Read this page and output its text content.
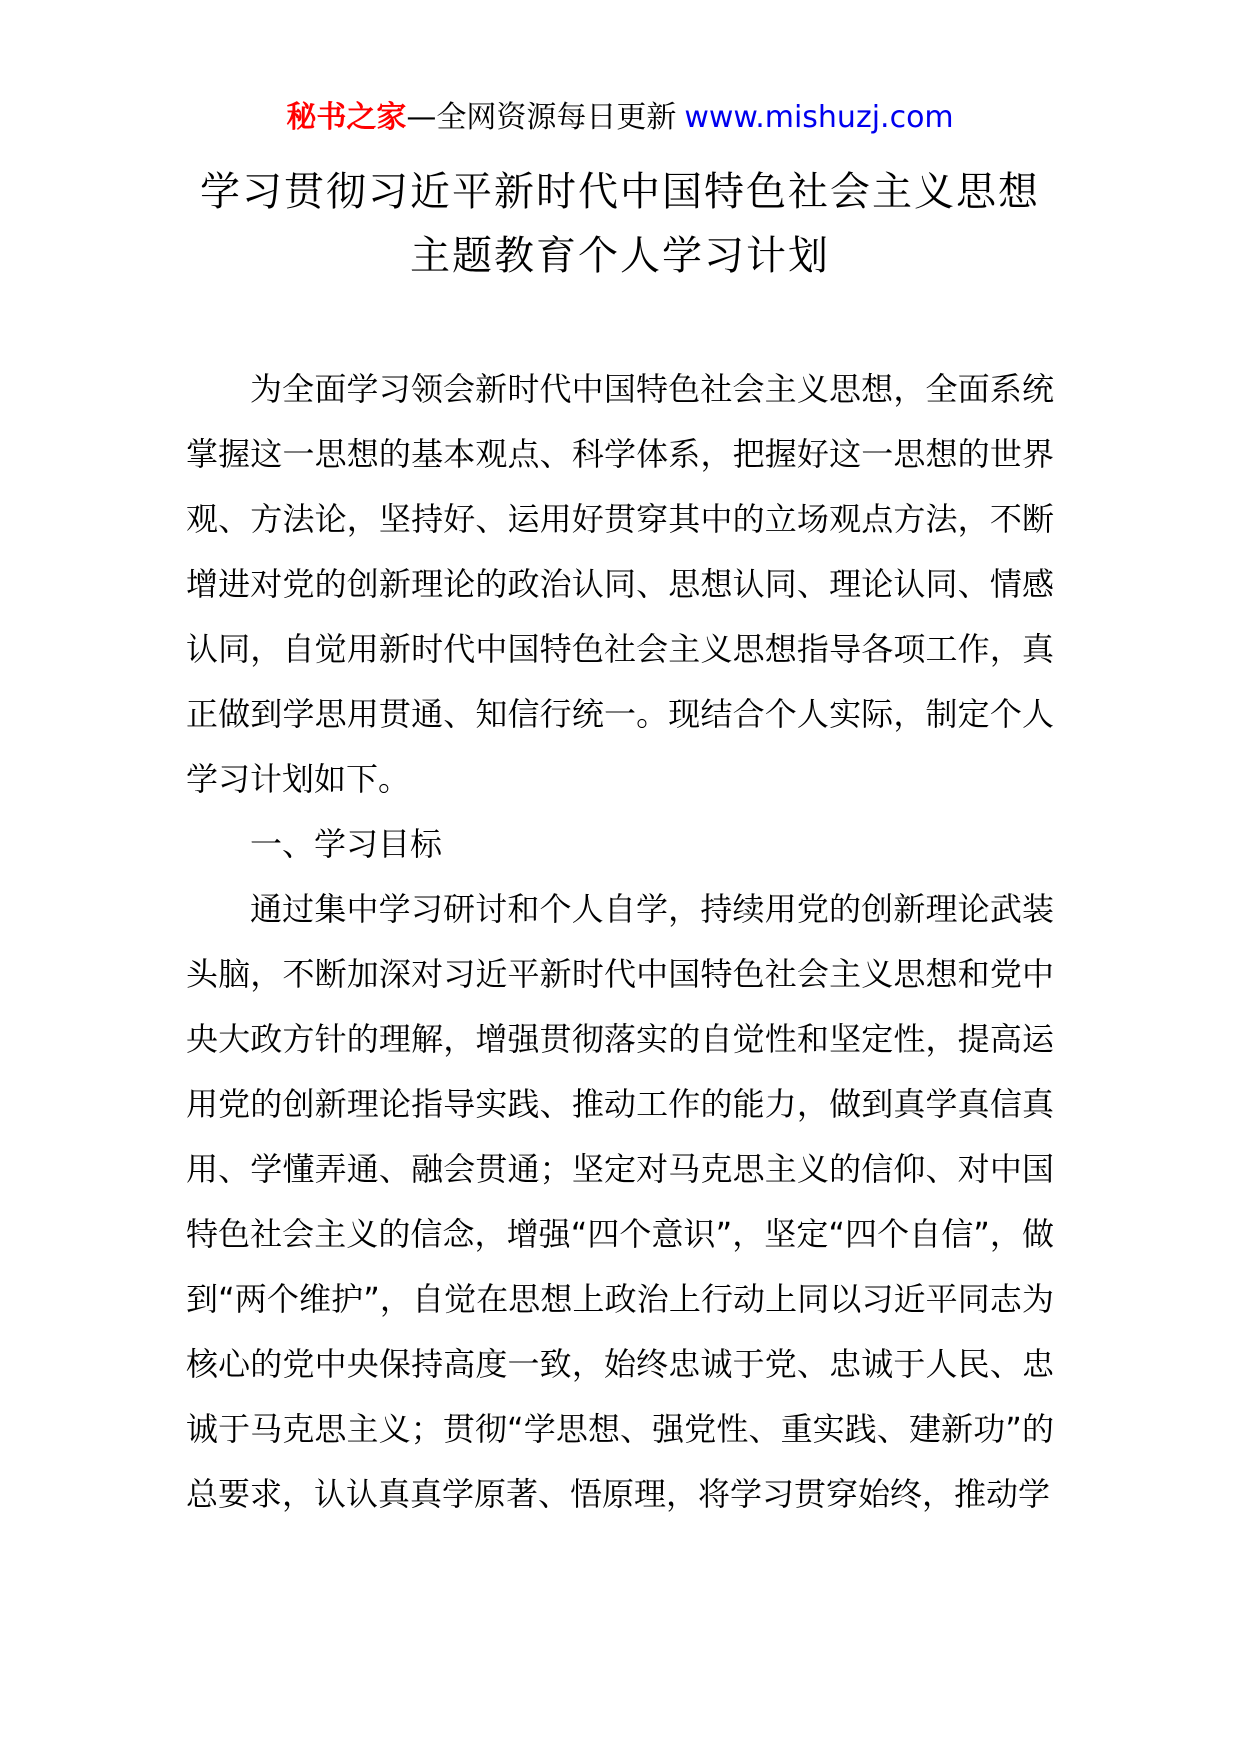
秘书之家—全网资源每日更新 www.mishuzj.com
学习贯彻习近平新时代中国特色社会主义思想
主题教育个人学习计划

为全面学习领会新时代中国特色社会主义思想，全面系统掌握这一思想的基本观点、科学体系，把握好这一思想的世界观、方法论，坚持好、运用好贯穿其中的立场观点方法，不断增进对党的创新理论的政治认同、思想认同、理论认同、情感认同，自觉用新时代中国特色社会主义思想指导各项工作，真正做到学思用贯通、知信行统一。现结合个人实际，制定个人学习计划如下。

一、学习目标

通过集中学习研讨和个人自学，持续用党的创新理论武装头脑，不断加深对习近平新时代中国特色社会主义思想和党中央大政方针的理解，增强贯彻落实的自觉性和坚定性，提高运用党的创新理论指导实践、推动工作的能力，做到真学真信真用、学懂弄通、融会贯通；坚定对马克思主义的信仰、对中国特色社会主义的信念，增强“四个意识”，坚定“四个自信”，做到“两个维护”，自觉在思想上政治上行动上同以习近平同志为核心的党中央保持高度一致，始终忠诚于党、忠诚于人民、忠诚于马克思主义；贯彻“学思想、强党性、重实践、建新功”的总要求，认认真真学原著、悟原理，将学习贯穿始终，推动学
